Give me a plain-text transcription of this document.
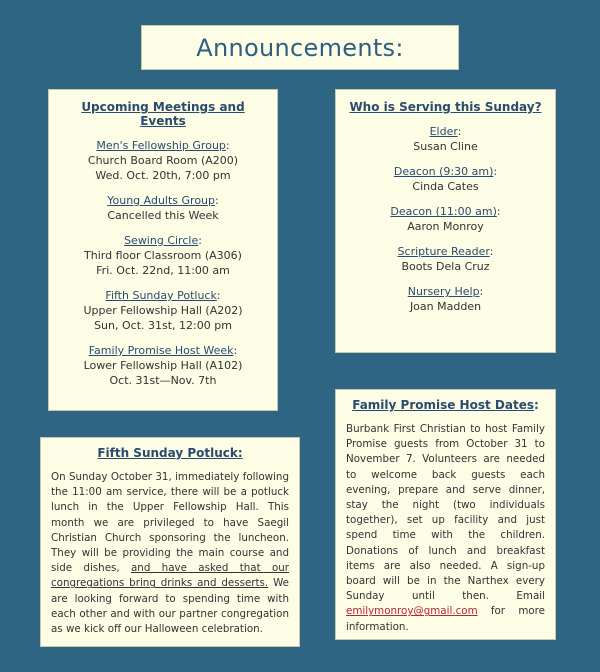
Announcements:
Upcoming Meetings and Events
Men's Fellowship Group:
Church Board Room (A200)
Wed. Oct. 20th, 7:00 pm
Young Adults Group:
Cancelled this Week
Sewing Circle:
Third floor Classroom (A306)
Fri. Oct. 22nd, 11:00 am
Fifth Sunday Potluck:
Upper Fellowship Hall (A202)
Sun, Oct. 31st, 12:00 pm
Family Promise Host Week:
Lower Fellowship Hall (A102)
Oct. 31st—Nov. 7th
Who is Serving this Sunday?
Elder:
Susan Cline
Deacon (9:30 am):
Cinda Cates
Deacon (11:00 am):
Aaron Monroy
Scripture Reader:
Boots Dela Cruz
Nursery Help:
Joan Madden
Family Promise Host Dates:

Burbank First Christian to host Family Promise guests from October 31 to November 7. Volunteers are needed to welcome back guests each evening, prepare and serve dinner, stay the night (two individuals together), set up facility and just spend time with the children. Donations of lunch and breakfast items are also needed. A sign-up board will be in the Narthex every Sunday until then. Email emilymonroy@gmail.com for more information.

Fifth Sunday Potluck:

On Sunday October 31, immediately following the 11:00 am service, there will be a potluck lunch in the Upper Fellowship Hall. This month we are privileged to have Saegil Christian Church sponsoring the luncheon. They will be providing the main course and side dishes, and have asked that our congregations bring drinks and desserts. We are looking forward to spending time with each other and with our partner congregation as we kick off our Halloween celebration.
